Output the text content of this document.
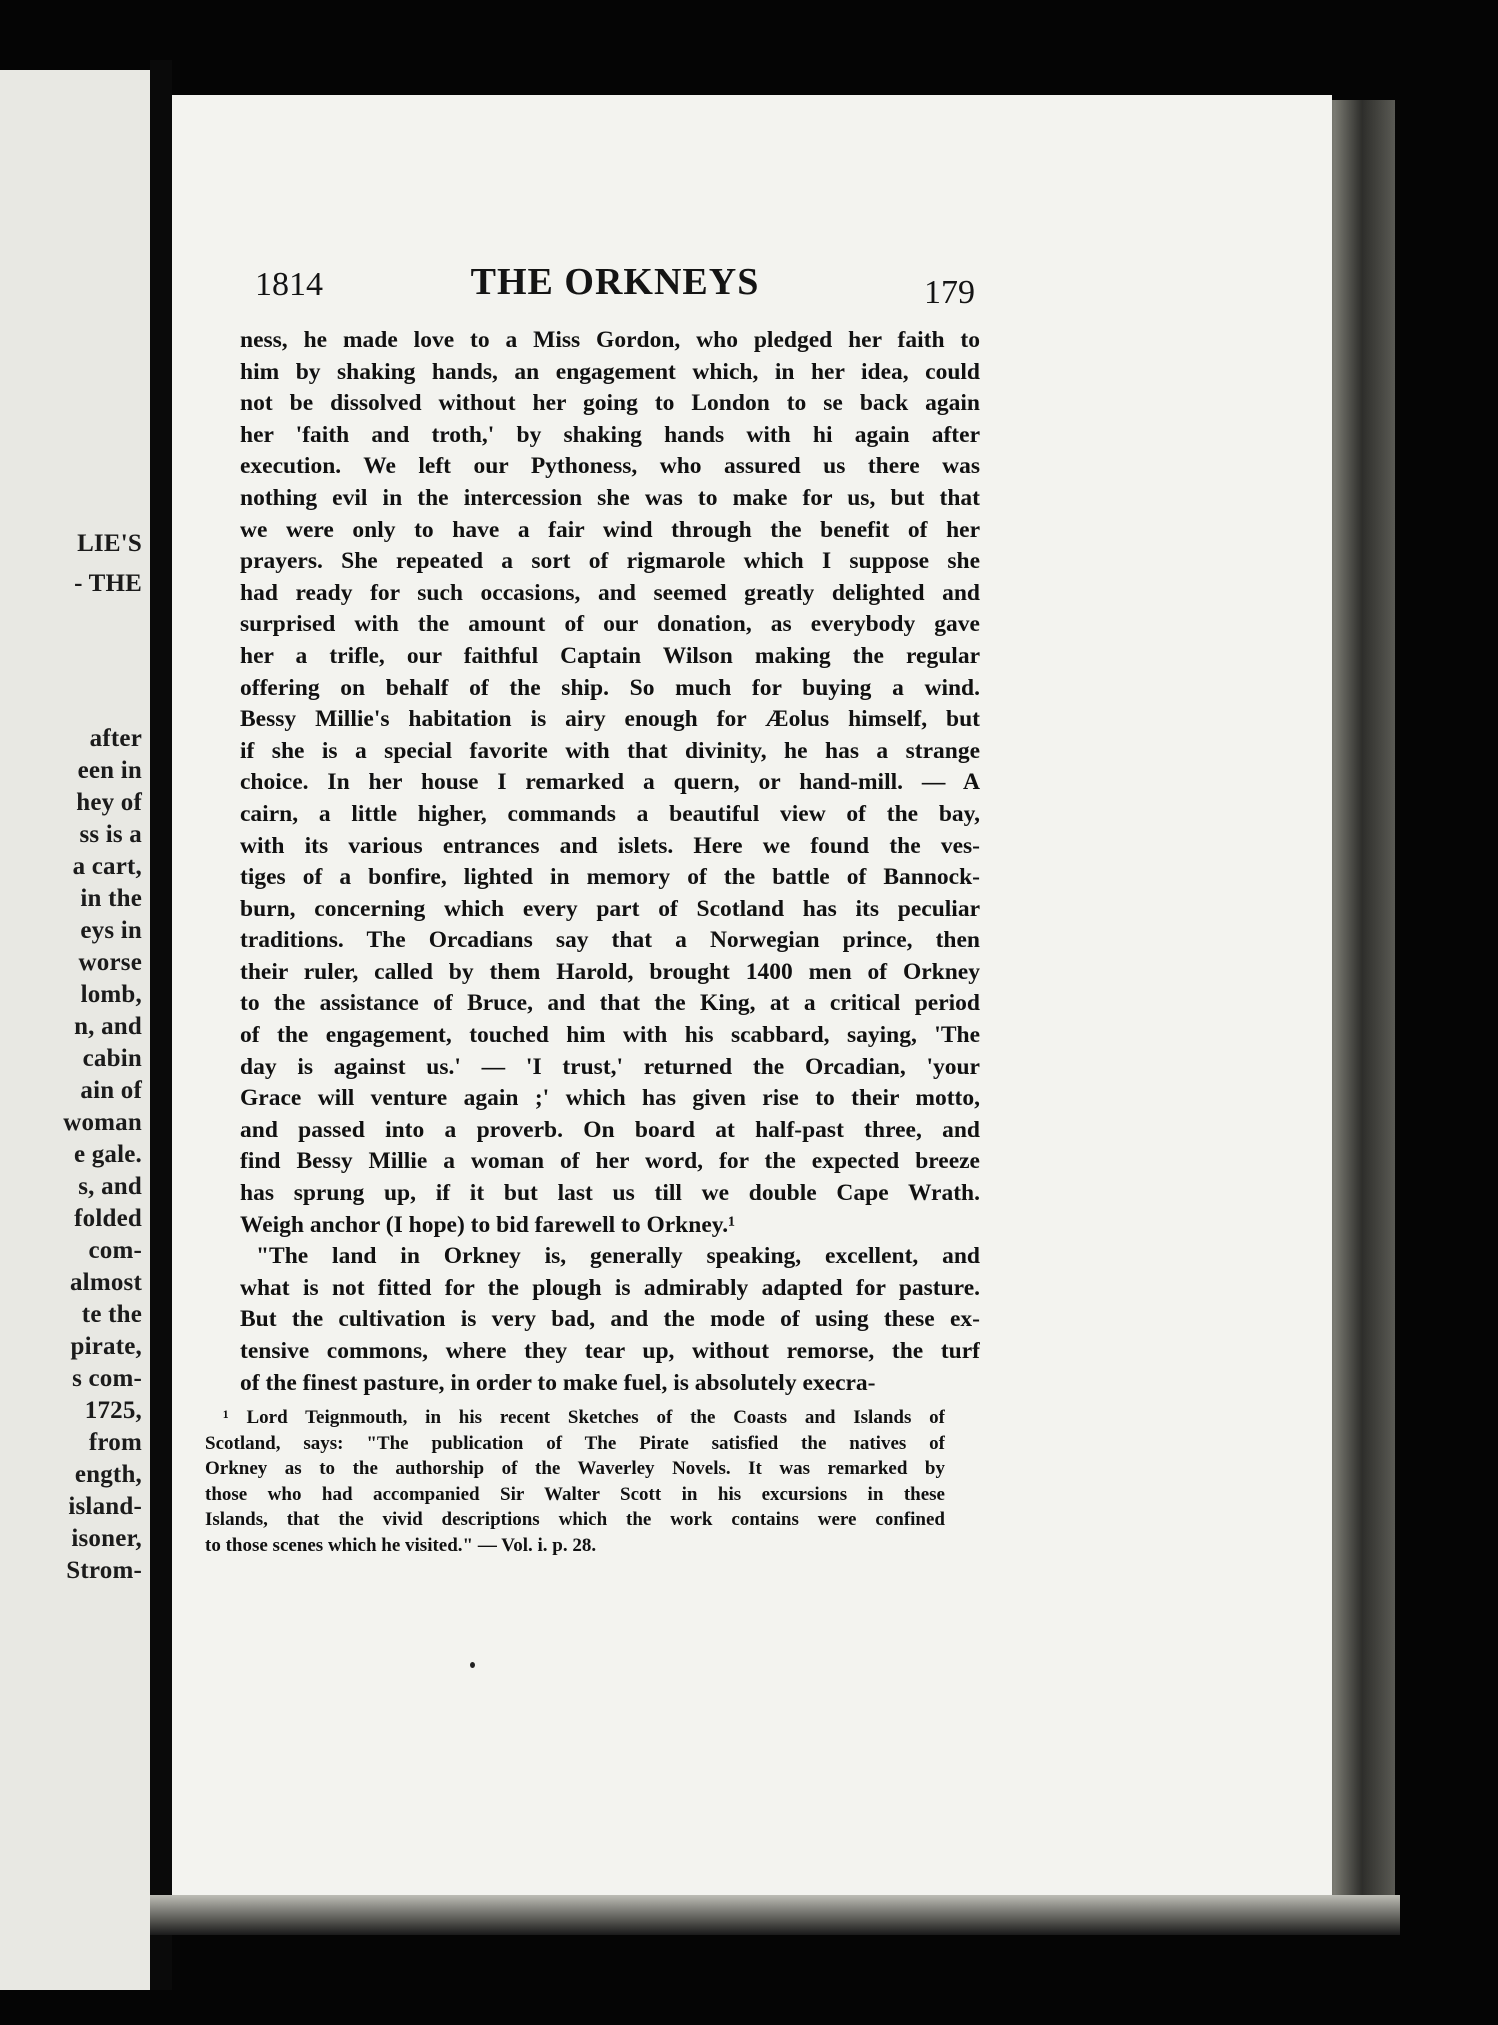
LIE'S
- THE
after
een in
hey of
ss is a
a cart,
in the
eys in
worse
lomb,
n, and
cabin
ain of
woman
e gale.
s, and
folded
com-
almost
te the
pirate,
s com-
1725,
from
ength,
island-
isoner,
Strom-
1814	THE ORKNEYS	179
ness, he made love to a Miss Gordon, who pledged her faith to
him by shaking hands, an engagement which, in her idea, could
not be dissolved without her going to London to se back again
her 'faith and troth,' by shaking hands with hi again after
execution. We left our Pythoness, who assured us there was
nothing evil in the intercession she was to make for us, but that
we were only to have a fair wind through the benefit of her
prayers. She repeated a sort of rigmarole which I suppose she
had ready for such occasions, and seemed greatly delighted and
surprised with the amount of our donation, as everybody gave
her a trifle, our faithful Captain Wilson making the regular
offering on behalf of the ship. So much for buying a wind.
Bessy Millie's habitation is airy enough for Æolus himself, but
if she is a special favorite with that divinity, he has a strange
choice. In her house I remarked a quern, or hand-mill. — A
cairn, a little higher, commands a beautiful view of the bay,
with its various entrances and islets. Here we found the ves-
tiges of a bonfire, lighted in memory of the battle of Bannock-
burn, concerning which every part of Scotland has its peculiar
traditions. The Orcadians say that a Norwegian prince, then
their ruler, called by them Harold, brought 1400 men of Orkney
to the assistance of Bruce, and that the King, at a critical period
of the engagement, touched him with his scabbard, saying, 'The
day is against us.' — 'I trust,' returned the Orcadian, 'your
Grace will venture again ;' which has given rise to their motto,
and passed into a proverb. On board at half-past three, and
find Bessy Millie a woman of her word, for the expected breeze
has sprung up, if it but last us till we double Cape Wrath.
Weigh anchor (I hope) to bid farewell to Orkney.¹
"The land in Orkney is, generally speaking, excellent, and
what is not fitted for the plough is admirably adapted for pasture.
But the cultivation is very bad, and the mode of using these ex-
tensive commons, where they tear up, without remorse, the turf
of the finest pasture, in order to make fuel, is absolutely execra-
¹ Lord Teignmouth, in his recent Sketches of the Coasts and Islands of
Scotland, says: "The publication of The Pirate satisfied the natives of
Orkney as to the authorship of the Waverley Novels. It was remarked by
those who had accompanied Sir Walter Scott in his excursions in these
Islands, that the vivid descriptions which the work contains were confined
to those scenes which he visited." — Vol. i. p. 28.
